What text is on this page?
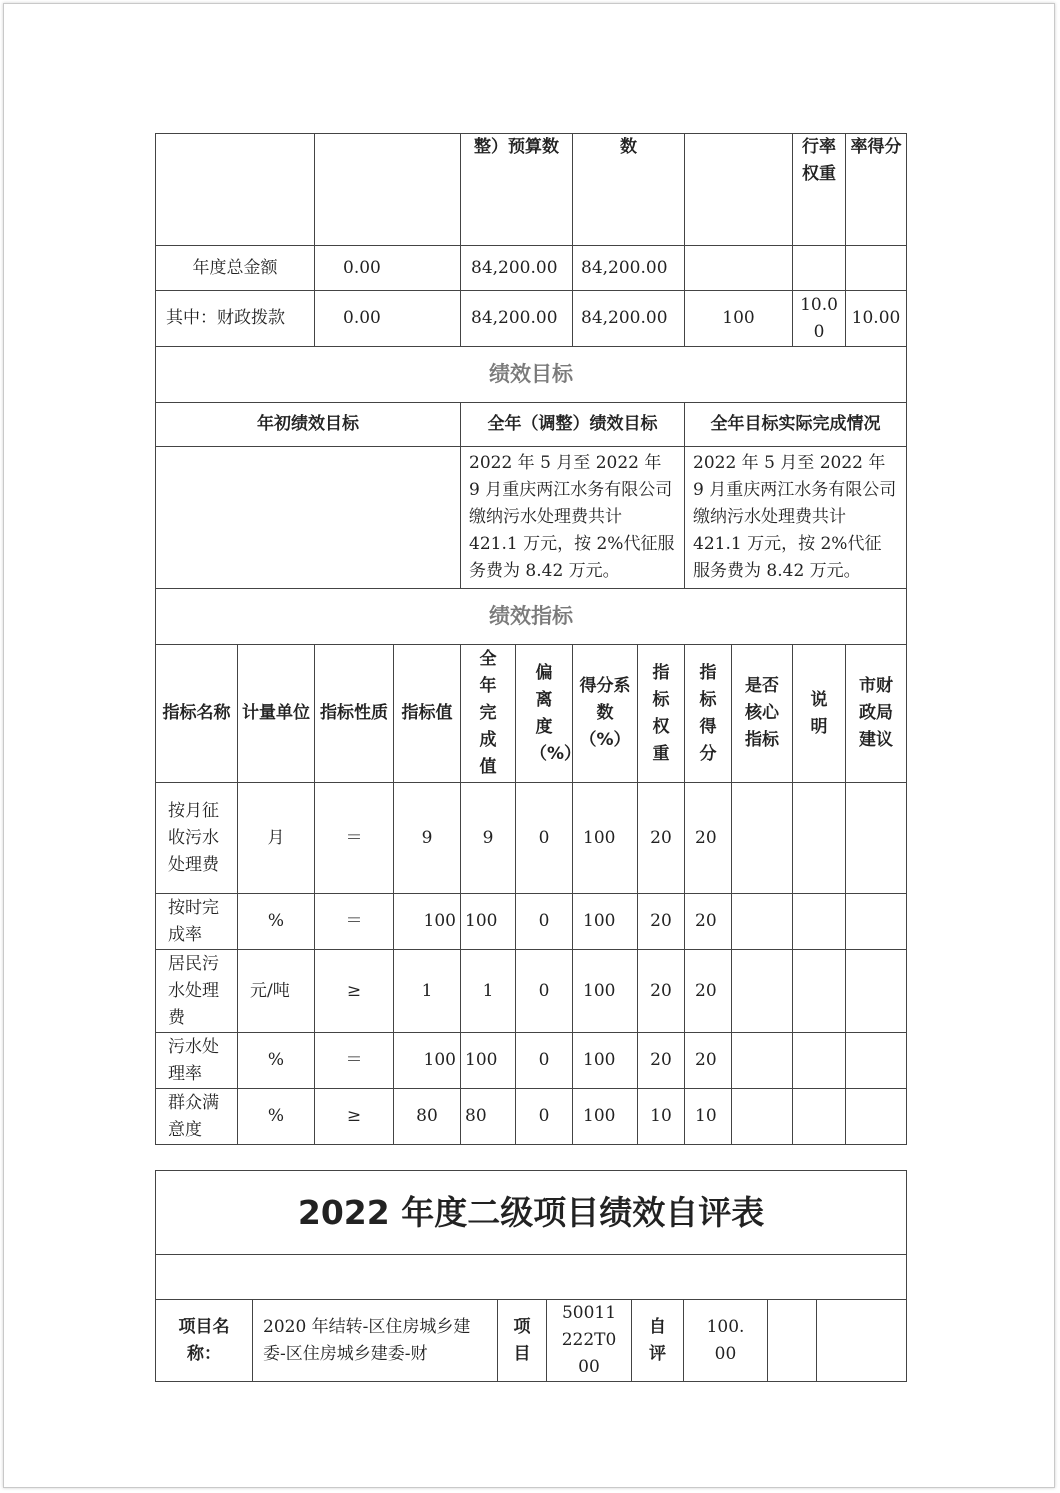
				整）预算数		数				行率权重	率得分
年度总金额		0.00		84,200.00		84,200.00					
其中：财政拨款		0.00		84,200.00		84,200.00		100		10.00	10.00
绩效目标											
年初绩效目标				全年（调整）绩效目标				全年目标实际完成情况			
				2022 年 5 月至 2022 年 9 月重庆两江水务有限公司缴纳污水处理费共计 421.1 万元，按 2%代征服务费为 8.42 万元。				2022 年 5 月至 2022 年 9 月重庆两江水务有限公司缴纳污水处理费共计 421.1 万元，按 2%代征服务费为 8.42 万元。			
绩效指标											
指标名称	计量单位	指标性质	指标值	全年完成值	偏离度（%）	得分系数（%）	指标权重	指标得分	是否核心指标	说明	市财政局建议
按月征收污水处理费	月	＝	9	9	0	100	20	20			
按时完成率	%	＝	100	100	0	100	20	20			
居民污水处理费	元/吨	≥	1	1	0	100	20	20			
污水处理率	%	＝	100	100	0	100	20	20			
群众满意度	%	≥	80	80	0	100	10	10			
2022 年度二级项目绩效自评表

项目名称：	2020 年结转-区住房城乡建委-区住房城乡建委-财	项目	50011222T000	自评	100.00		
